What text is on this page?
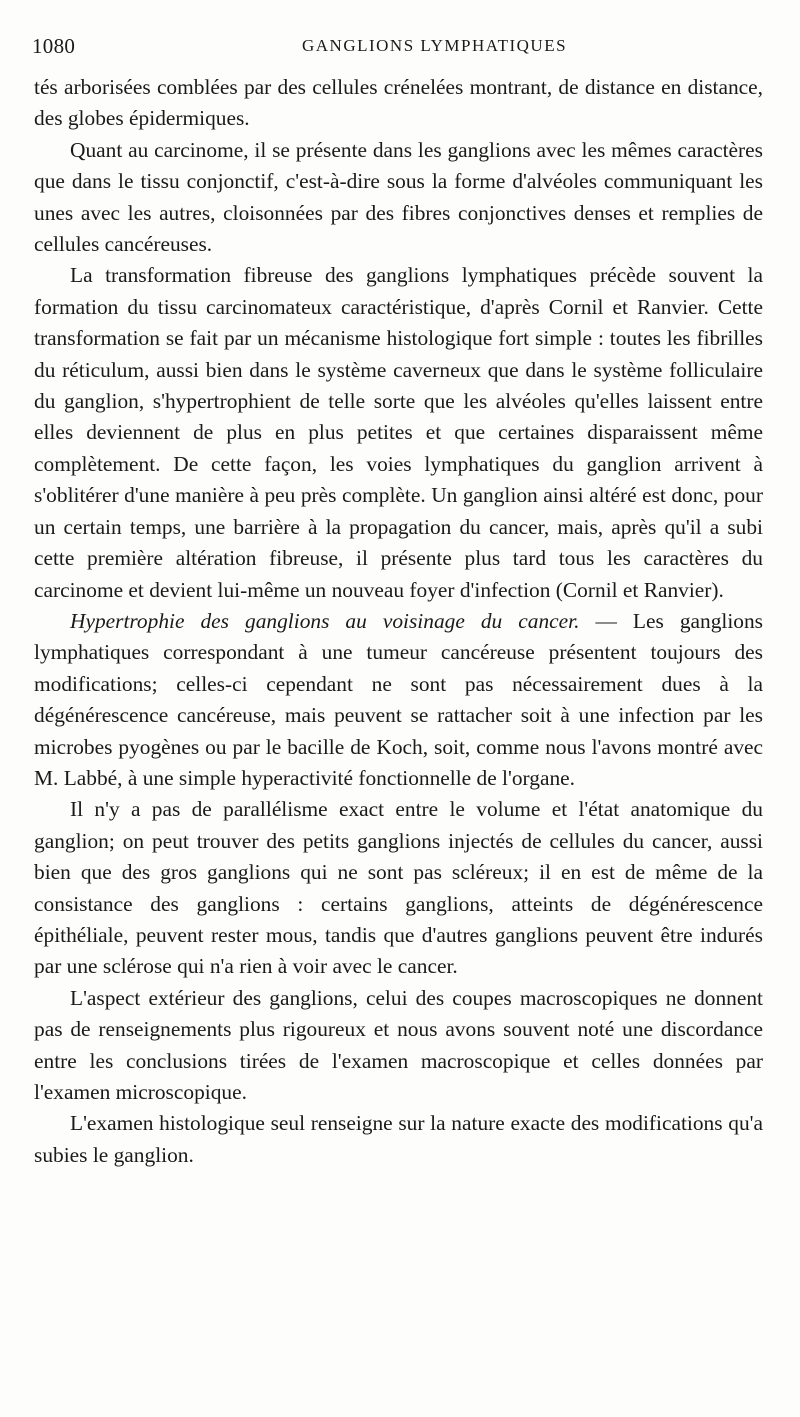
1080	GANGLIONS LYMPHATIQUES

tés arborisées comblées par des cellules crénelées montrant, de distance en distance, des globes épidermiques.

Quant au carcinome, il se présente dans les ganglions avec les mêmes caractères que dans le tissu conjonctif, c'est-à-dire sous la forme d'alvéoles communiquant les unes avec les autres, cloisonnées par des fibres conjonctives denses et remplies de cellules cancéreuses.

La transformation fibreuse des ganglions lymphatiques précède souvent la formation du tissu carcinomateux caractéristique, d'après Cornil et Ranvier. Cette transformation se fait par un mécanisme histologique fort simple : toutes les fibrilles du réticulum, aussi bien dans le système caverneux que dans le système folliculaire du ganglion, s'hypertrophient de telle sorte que les alvéoles qu'elles laissent entre elles deviennent de plus en plus petites et que certaines disparaissent même complètement. De cette façon, les voies lymphatiques du ganglion arrivent à s'oblitérer d'une manière à peu près complète. Un ganglion ainsi altéré est donc, pour un certain temps, une barrière à la propagation du cancer, mais, après qu'il a subi cette première altération fibreuse, il présente plus tard tous les caractères du carcinome et devient lui-même un nouveau foyer d'infection (Cornil et Ranvier).

Hypertrophie des ganglions au voisinage du cancer. — Les ganglions lymphatiques correspondant à une tumeur cancéreuse présentent toujours des modifications; celles-ci cependant ne sont pas nécessairement dues à la dégénérescence cancéreuse, mais peuvent se rattacher soit à une infection par les microbes pyogènes ou par le bacille de Koch, soit, comme nous l'avons montré avec M. Labbé, à une simple hyperactivité fonctionnelle de l'organe.

Il n'y a pas de parallélisme exact entre le volume et l'état anatomique du ganglion; on peut trouver des petits ganglions injectés de cellules du cancer, aussi bien que des gros ganglions qui ne sont pas scléreux; il en est de même de la consistance des ganglions : certains ganglions, atteints de dégénérescence épithéliale, peuvent rester mous, tandis que d'autres ganglions peuvent être indurés par une sclérose qui n'a rien à voir avec le cancer.

L'aspect extérieur des ganglions, celui des coupes macroscopiques ne donnent pas de renseignements plus rigoureux et nous avons souvent noté une discordance entre les conclusions tirées de l'examen macroscopique et celles données par l'examen microscopique.

L'examen histologique seul renseigne sur la nature exacte des modifications qu'a subies le ganglion.
